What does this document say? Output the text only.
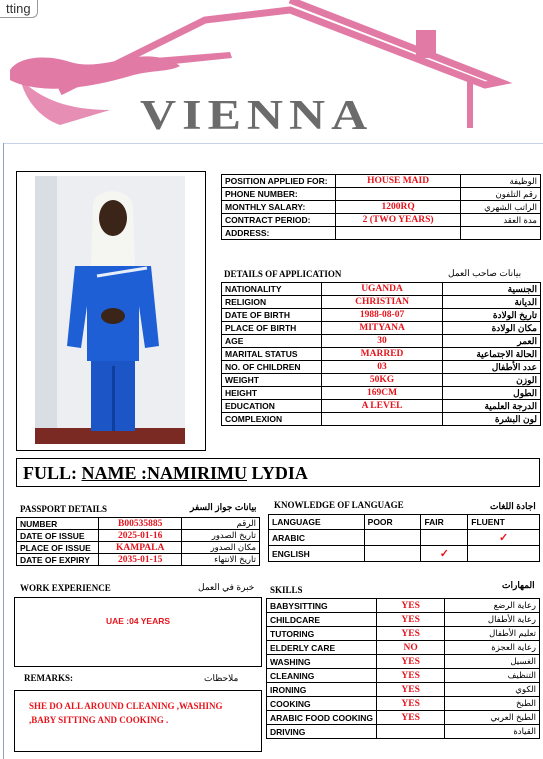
tting
VIENNA
POSITION APPLIED FOR:	HOUSE MAID	الوظيفة
PHONE NUMBER:		رقم التلفون
MONTHLY SALARY:	1200RQ	الراتب الشهري
CONTRACT PERIOD:	2 (TWO YEARS)	مدة العقد
ADDRESS:		
DETAILS OF APPLICATION	بيانات صاحب العمل
NATIONALITY	UGANDA	الجنسية
RELIGION	CHRISTIAN	الديانة
DATE OF BIRTH	1988-08-07	تاريخ الولادة
PLACE OF BIRTH	MITYANA	مكان الولادة
AGE	30	العمر
MARITAL STATUS	MARRED	الحالة الاجتماعية
NO. OF CHILDREN	03	عدد الأطفال
WEIGHT	50KG	الوزن
HEIGHT	169CM	الطول
EDUCATION	A LEVEL	الدرجة العلمية
COMPLEXION		لون البشرة
FULL: NAME :NAMIRIMU LYDIA
PASSPORT DETAILS	بيانات جواز السفر
NUMBER	B00535885	الرقم
DATE OF ISSUE	2025-01-16	تاريخ الصدور
PLACE OF ISSUE	KAMPALA	مكان الصدور
DATE OF EXPIRY	2035-01-15	تاريخ الانتهاء
KNOWLEDGE OF LANGUAGE	اجادة اللغات
LANGUAGE	POOR	FAIR	FLUENT
ARABIC			✓
ENGLISH		✓	
WORK EXPERIENCE	خبرة في العمل
UAE :04 YEARS
REMARKS:	ملاحظات
SHE DO ALL AROUND CLEANING ,WASHING
,BABY SITTING AND COOKING .
SKILLS	المهارات
BABYSITTING	YES	رعاية الرضع
CHILDCARE	YES	رعاية الأطفال
TUTORING	YES	تعليم الأطفال
ELDERLY CARE	NO	رعاية العجزة
WASHING	YES	الغسيل
CLEANING	YES	التنظيف
IRONING	YES	الكوي
COOKING	YES	الطبخ
ARABIC FOOD COOKING	YES	الطبخ العربي
DRIVING		القيادة
